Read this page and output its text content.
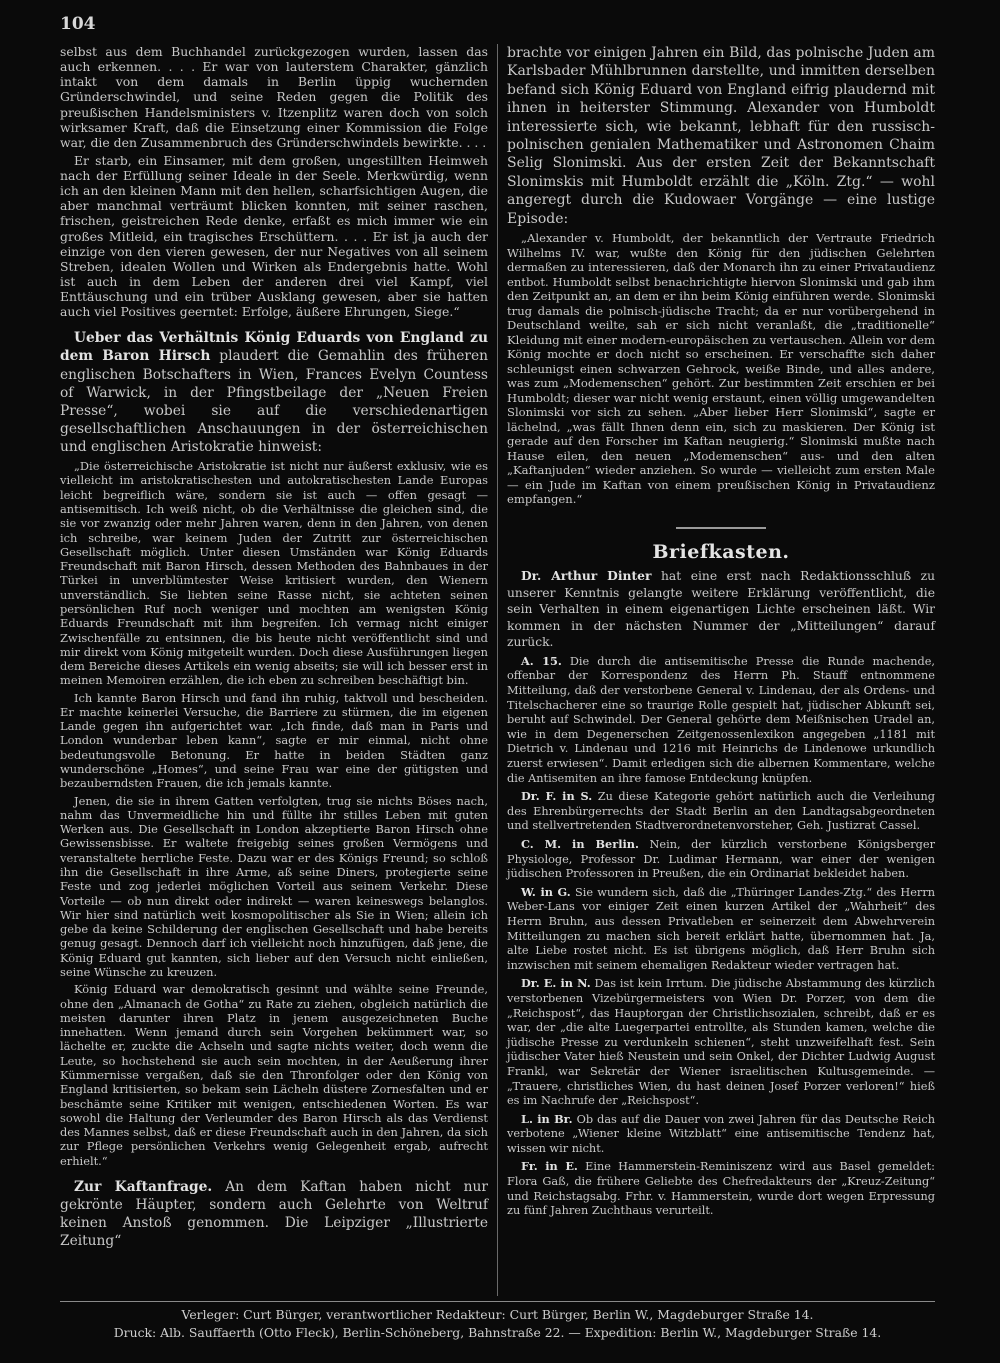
104

selbst aus dem Buchhandel zurückgezogen wurden, lassen das auch erkennen. . . . Er war von lauterstem Charakter, gänzlich intakt von dem damals in Berlin üppig wuchernden Gründerschwindel, und seine Reden gegen die Politik des preußischen Handelsministers v. Itzenplitz waren doch von solch wirksamer Kraft, daß die Einsetzung einer Kommission die Folge war, die den Zusammenbruch des Gründerschwindels bewirkte. . . .

Er starb, ein Einsamer, mit dem großen, ungestillten Heimweh nach der Erfüllung seiner Ideale in der Seele. Merkwürdig, wenn ich an den kleinen Mann mit den hellen, scharfsichtigen Augen, die aber manchmal verträumt blicken konnten, mit seiner raschen, frischen, geistreichen Rede denke, erfaßt es mich immer wie ein großes Mitleid, ein tragisches Erschüttern. . . . Er ist ja auch der einzige von den vieren gewesen, der nur Negatives von all seinem Streben, idealen Wollen und Wirken als Endergebnis hatte. Wohl ist auch in dem Leben der anderen drei viel Kampf, viel Enttäuschung und ein trüber Ausklang gewesen, aber sie hatten auch viel Positives geerntet: Erfolge, äußere Ehrungen, Siege.“

Ueber das Verhältnis König Eduards von England zu dem Baron Hirsch plaudert die Gemahlin des früheren englischen Botschafters in Wien, Frances Evelyn Countess of Warwick, in der Pfingstbeilage der „Neuen Freien Presse“, wobei sie auf die verschiedenartigen gesellschaftlichen Anschauungen in der österreichischen und englischen Aristokratie hinweist:

„Die österreichische Aristokratie ist nicht nur äußerst exklusiv, wie es vielleicht im aristokratischesten und autokratischesten Lande Europas leicht begreiflich wäre, sondern sie ist auch — offen gesagt — antisemitisch. Ich weiß nicht, ob die Verhältnisse die gleichen sind, die sie vor zwanzig oder mehr Jahren waren, denn in den Jahren, von denen ich schreibe, war keinem Juden der Zutritt zur österreichischen Gesellschaft möglich. Unter diesen Umständen war König Eduards Freundschaft mit Baron Hirsch, dessen Methoden des Bahnbaues in der Türkei in unverblümtester Weise kritisiert wurden, den Wienern unverständlich. Sie liebten seine Rasse nicht, sie achteten seinen persönlichen Ruf noch weniger und mochten am wenigsten König Eduards Freundschaft mit ihm begreifen. Ich vermag nicht einiger Zwischenfälle zu entsinnen, die bis heute nicht veröffentlicht sind und mir direkt vom König mitgeteilt wurden. Doch diese Ausführungen liegen dem Bereiche dieses Artikels ein wenig abseits; sie will ich besser erst in meinen Memoiren erzählen, die ich eben zu schreiben beschäftigt bin.

Ich kannte Baron Hirsch und fand ihn ruhig, taktvoll und bescheiden. Er machte keinerlei Versuche, die Barriere zu stürmen, die im eigenen Lande gegen ihn aufgerichtet war. „Ich finde, daß man in Paris und London wunderbar leben kann“, sagte er mir einmal, nicht ohne bedeutungsvolle Betonung. Er hatte in beiden Städten ganz wunderschöne „Homes“, und seine Frau war eine der gütigsten und bezauberndsten Frauen, die ich jemals kannte.

Jenen, die sie in ihrem Gatten verfolgten, trug sie nichts Böses nach, nahm das Unvermeidliche hin und füllte ihr stilles Leben mit guten Werken aus. Die Gesellschaft in London akzeptierte Baron Hirsch ohne Gewissensbisse. Er waltete freigebig seines großen Vermögens und veranstaltete herrliche Feste. Dazu war er des Königs Freund; so schloß ihn die Gesellschaft in ihre Arme, aß seine Diners, protegierte seine Feste und zog jederlei möglichen Vorteil aus seinem Verkehr. Diese Vorteile — ob nun direkt oder indirekt — waren keineswegs belanglos. Wir hier sind natürlich weit kosmopolitischer als Sie in Wien; allein ich gebe da keine Schilderung der englischen Gesellschaft und habe bereits genug gesagt. Dennoch darf ich vielleicht noch hinzufügen, daß jene, die König Eduard gut kannten, sich lieber auf den Versuch nicht einließen, seine Wünsche zu kreuzen.

König Eduard war demokratisch gesinnt und wählte seine Freunde, ohne den „Almanach de Gotha“ zu Rate zu ziehen, obgleich natürlich die meisten darunter ihren Platz in jenem ausgezeichneten Buche innehatten. Wenn jemand durch sein Vorgehen bekümmert war, so lächelte er, zuckte die Achseln und sagte nichts weiter, doch wenn die Leute, so hochstehend sie auch sein mochten, in der Aeußerung ihrer Kümmernisse vergaßen, daß sie den Thronfolger oder den König von England kritisierten, so bekam sein Lächeln düstere Zornesfalten und er beschämte seine Kritiker mit wenigen, entschiedenen Worten. Es war sowohl die Haltung der Verleumder des Baron Hirsch als das Verdienst des Mannes selbst, daß er diese Freundschaft auch in den Jahren, da sich zur Pflege persönlichen Verkehrs wenig Gelegenheit ergab, aufrecht erhielt.“

Zur Kaftanfrage. An dem Kaftan haben nicht nur gekrönte Häupter, sondern auch Gelehrte von Weltruf keinen Anstoß genommen. Die Leipziger „Illustrierte Zeitung“

brachte vor einigen Jahren ein Bild, das polnische Juden am Karlsbader Mühlbrunnen darstellte, und inmitten derselben befand sich König Eduard von England eifrig plaudernd mit ihnen in heiterster Stimmung. Alexander von Humboldt interessierte sich, wie bekannt, lebhaft für den russisch-polnischen genialen Mathematiker und Astronomen Chaim Selig Slonimski. Aus der ersten Zeit der Bekanntschaft Slonimskis mit Humboldt erzählt die „Köln. Ztg.“ — wohl angeregt durch die Kudowaer Vorgänge — eine lustige Episode:

„Alexander v. Humboldt, der bekanntlich der Vertraute Friedrich Wilhelms IV. war, wußte den König für den jüdischen Gelehrten dermaßen zu interessieren, daß der Monarch ihn zu einer Privataudienz entbot. Humboldt selbst benachrichtigte hiervon Slonimski und gab ihm den Zeitpunkt an, an dem er ihn beim König einführen werde. Slonimski trug damals die polnisch-jüdische Tracht; da er nur vorübergehend in Deutschland weilte, sah er sich nicht veranlaßt, die „traditionelle“ Kleidung mit einer modern-europäischen zu vertauschen. Allein vor dem König mochte er doch nicht so erscheinen. Er verschaffte sich daher schleunigst einen schwarzen Gehrock, weiße Binde, und alles andere, was zum „Modemenschen“ gehört. Zur bestimmten Zeit erschien er bei Humboldt; dieser war nicht wenig erstaunt, einen völlig umgewandelten Slonimski vor sich zu sehen. „Aber lieber Herr Slonimski“, sagte er lächelnd, „was fällt Ihnen denn ein, sich zu maskieren. Der König ist gerade auf den Forscher im Kaftan neugierig.“ Slonimski mußte nach Hause eilen, den neuen „Modemenschen“ aus- und den alten „Kaftanjuden“ wieder anziehen. So wurde — vielleicht zum ersten Male — ein Jude im Kaftan von einem preußischen König in Privataudienz empfangen.“

Briefkasten.

Dr. Arthur Dinter hat eine erst nach Redaktionsschluß zu unserer Kenntnis gelangte weitere Erklärung veröffentlicht, die sein Verhalten in einem eigenartigen Lichte erscheinen läßt. Wir kommen in der nächsten Nummer der „Mitteilungen“ darauf zurück.

A. 15. Die durch die antisemitische Presse die Runde machende, offenbar der Korrespondenz des Herrn Ph. Stauff entnommene Mitteilung, daß der verstorbene General v. Lindenau, der als Ordens- und Titelschacherer eine so traurige Rolle gespielt hat, jüdischer Abkunft sei, beruht auf Schwindel. Der General gehörte dem Meißnischen Uradel an, wie in dem Degenerschen Zeitgenossenlexikon angegeben „1181 mit Dietrich v. Lindenau und 1216 mit Heinrichs de Lindenowe urkundlich zuerst erwiesen“. Damit erledigen sich die albernen Kommentare, welche die Antisemiten an ihre famose Entdeckung knüpfen.

Dr. F. in S. Zu diese Kategorie gehört natürlich auch die Verleihung des Ehrenbürgerrechts der Stadt Berlin an den Landtagsabgeordneten und stellvertretenden Stadtverordnetenvorsteher, Geh. Justizrat Cassel.

C. M. in Berlin. Nein, der kürzlich verstorbene Königsberger Physiologe, Professor Dr. Ludimar Hermann, war einer der wenigen jüdischen Professoren in Preußen, die ein Ordinariat bekleidet haben.

W. in G. Sie wundern sich, daß die „Thüringer Landes-Ztg.“ des Herrn Weber-Lans vor einiger Zeit einen kurzen Artikel der „Wahrheit“ des Herrn Bruhn, aus dessen Privatleben er seinerzeit dem Abwehrverein Mitteilungen zu machen sich bereit erklärt hatte, übernommen hat. Ja, alte Liebe rostet nicht. Es ist übrigens möglich, daß Herr Bruhn sich inzwischen mit seinem ehemaligen Redakteur wieder vertragen hat.

Dr. E. in N. Das ist kein Irrtum. Die jüdische Abstammung des kürzlich verstorbenen Vizebürgermeisters von Wien Dr. Porzer, von dem die „Reichspost“, das Hauptorgan der Christlichsozialen, schreibt, daß er es war, der „die alte Luegerpartei entrollte, als Stunden kamen, welche die jüdische Presse zu verdunkeln schienen“, steht unzweifelhaft fest. Sein jüdischer Vater hieß Neustein und sein Onkel, der Dichter Ludwig August Frankl, war Sekretär der Wiener israelitischen Kultusgemeinde. — „Trauere, christliches Wien, du hast deinen Josef Porzer verloren!“ hieß es im Nachrufe der „Reichspost“.

L. in Br. Ob das auf die Dauer von zwei Jahren für das Deutsche Reich verbotene „Wiener kleine Witzblatt“ eine antisemitische Tendenz hat, wissen wir nicht.

Fr. in E. Eine Hammerstein-Reminiszenz wird aus Basel gemeldet: Flora Gaß, die frühere Geliebte des Chefredakteurs der „Kreuz-Zeitung“ und Reichstagsabg. Frhr. v. Hammerstein, wurde dort wegen Erpressung zu fünf Jahren Zuchthaus verurteilt.

Verleger: Curt Bürger, verantwortlicher Redakteur: Curt Bürger, Berlin W., Magdeburger Straße 14.
Druck: Alb. Sauffaerth (Otto Fleck), Berlin-Schöneberg, Bahnstraße 22. — Expedition: Berlin W., Magdeburger Straße 14.
